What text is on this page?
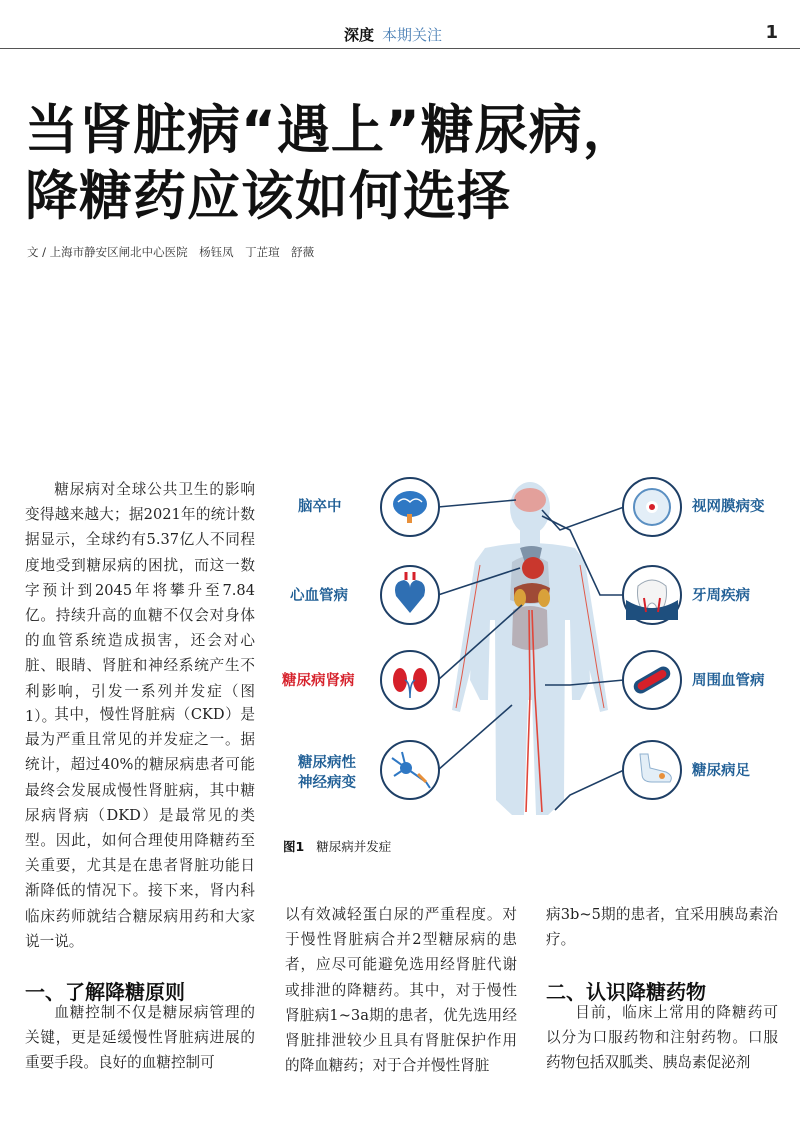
深度 本期关注	1
当肾脏病“遇上”糖尿病，
降糖药应该如何选择
文 / 上海市静安区闸北中心医院　杨钰凤　丁芷瑄　舒薇

糖尿病对全球公共卫生的影响变得越来越大；据2021年的统计数据显示，全球约有5.37亿人不同程度地受到糖尿病的困扰，而这一数字预计到2045年将攀升至7.84亿。持续升高的血糖不仅会对身体的血管系统造成损害，还会对心脏、眼睛、肾脏和神经系统产生不利影响，引发一系列并发症（图1）。

其中，慢性肾脏病（CKD）是最为严重且常见的并发症之一。据统计，超过40%的糖尿病患者可能最终会发展成慢性肾脏病，其中糖尿病肾病（DKD）是最常见的类型。因此，如何合理使用降糖药至关重要，尤其是在患者肾脏功能日渐降低的情况下。接下来，肾内科临床药师就结合糖尿病用药和大家说一说。

一、了解降糖原则

血糖控制不仅是糖尿病管理的关键，更是延缓慢性肾脏病进展的重要手段。良好的血糖控制可

以有效减轻蛋白尿的严重程度。对于慢性肾脏病合并2型糖尿病的患者，应尽可能避免选用经肾脏代谢或排泄的降糖药。其中，对于慢性肾脏病1~3a期的患者，优先选用经肾脏排泄较少且具有肾脏保护作用的降血糖药；对于合并慢性肾脏

病3b~5期的患者，宜采用胰岛素治疗。

二、认识降糖药物

目前，临床上常用的降糖药可以分为口服药物和注射药物。口服药物包括双胍类、胰岛素促泌剂

脑卒中
心血管病
糖尿病肾病
糖尿病性
神经病变
视网膜病变
牙周疾病
周围血管病
糖尿病足
图1 糖尿病并发症
